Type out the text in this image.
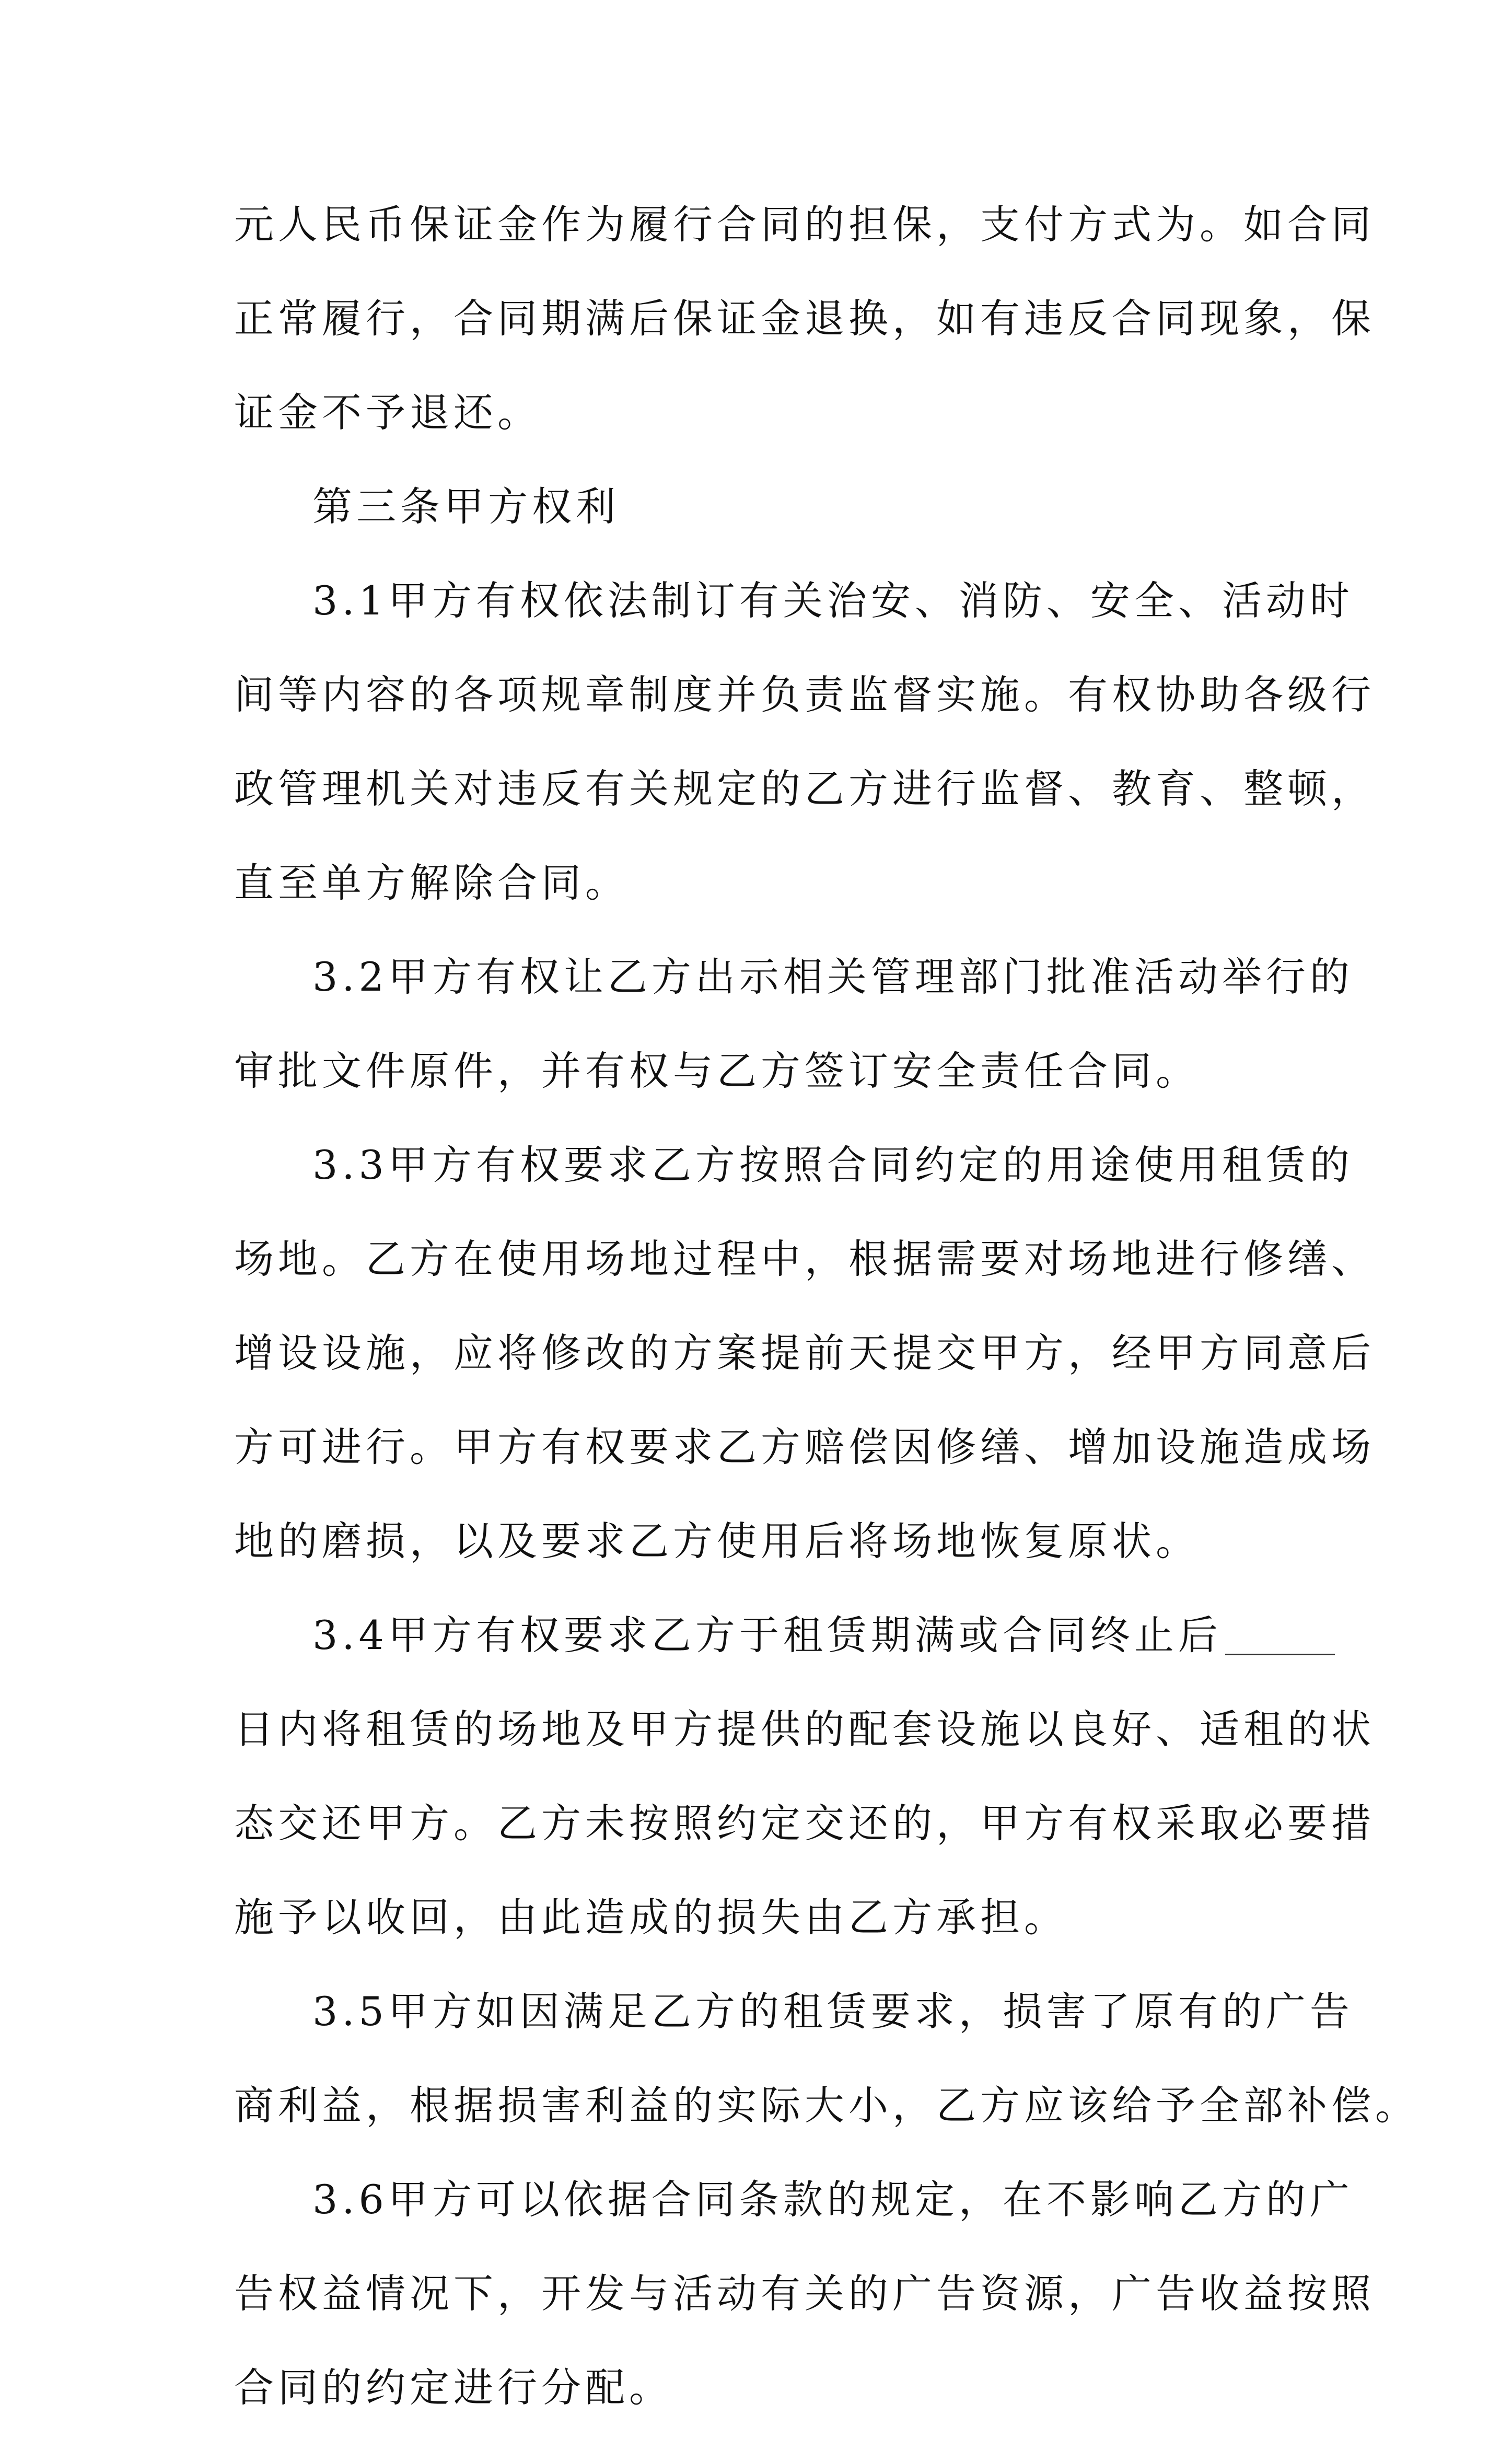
元人民币保证金作为履行合同的担保，支付方式为。如合同
正常履行，合同期满后保证金退换，如有违反合同现象，保
证金不予退还。
第三条甲方权利
3.1甲方有权依法制订有关治安、消防、安全、活动时
间等内容的各项规章制度并负责监督实施。有权协助各级行
政管理机关对违反有关规定的乙方进行监督、教育、整顿，
直至单方解除合同。
3.2甲方有权让乙方出示相关管理部门批准活动举行的
审批文件原件，并有权与乙方签订安全责任合同。
3.3甲方有权要求乙方按照合同约定的用途使用租赁的
场地。乙方在使用场地过程中，根据需要对场地进行修缮、
增设设施，应将修改的方案提前天提交甲方，经甲方同意后
方可进行。甲方有权要求乙方赔偿因修缮、增加设施造成场
地的磨损，以及要求乙方使用后将场地恢复原状。
3.4甲方有权要求乙方于租赁期满或合同终止后
日内将租赁的场地及甲方提供的配套设施以良好、适租的状
态交还甲方。乙方未按照约定交还的，甲方有权采取必要措
施予以收回，由此造成的损失由乙方承担。
3.5甲方如因满足乙方的租赁要求，损害了原有的广告
商利益，根据损害利益的实际大小，乙方应该给予全部补偿。
3.6甲方可以依据合同条款的规定，在不影响乙方的广
告权益情况下，开发与活动有关的广告资源，广告收益按照
合同的约定进行分配。
